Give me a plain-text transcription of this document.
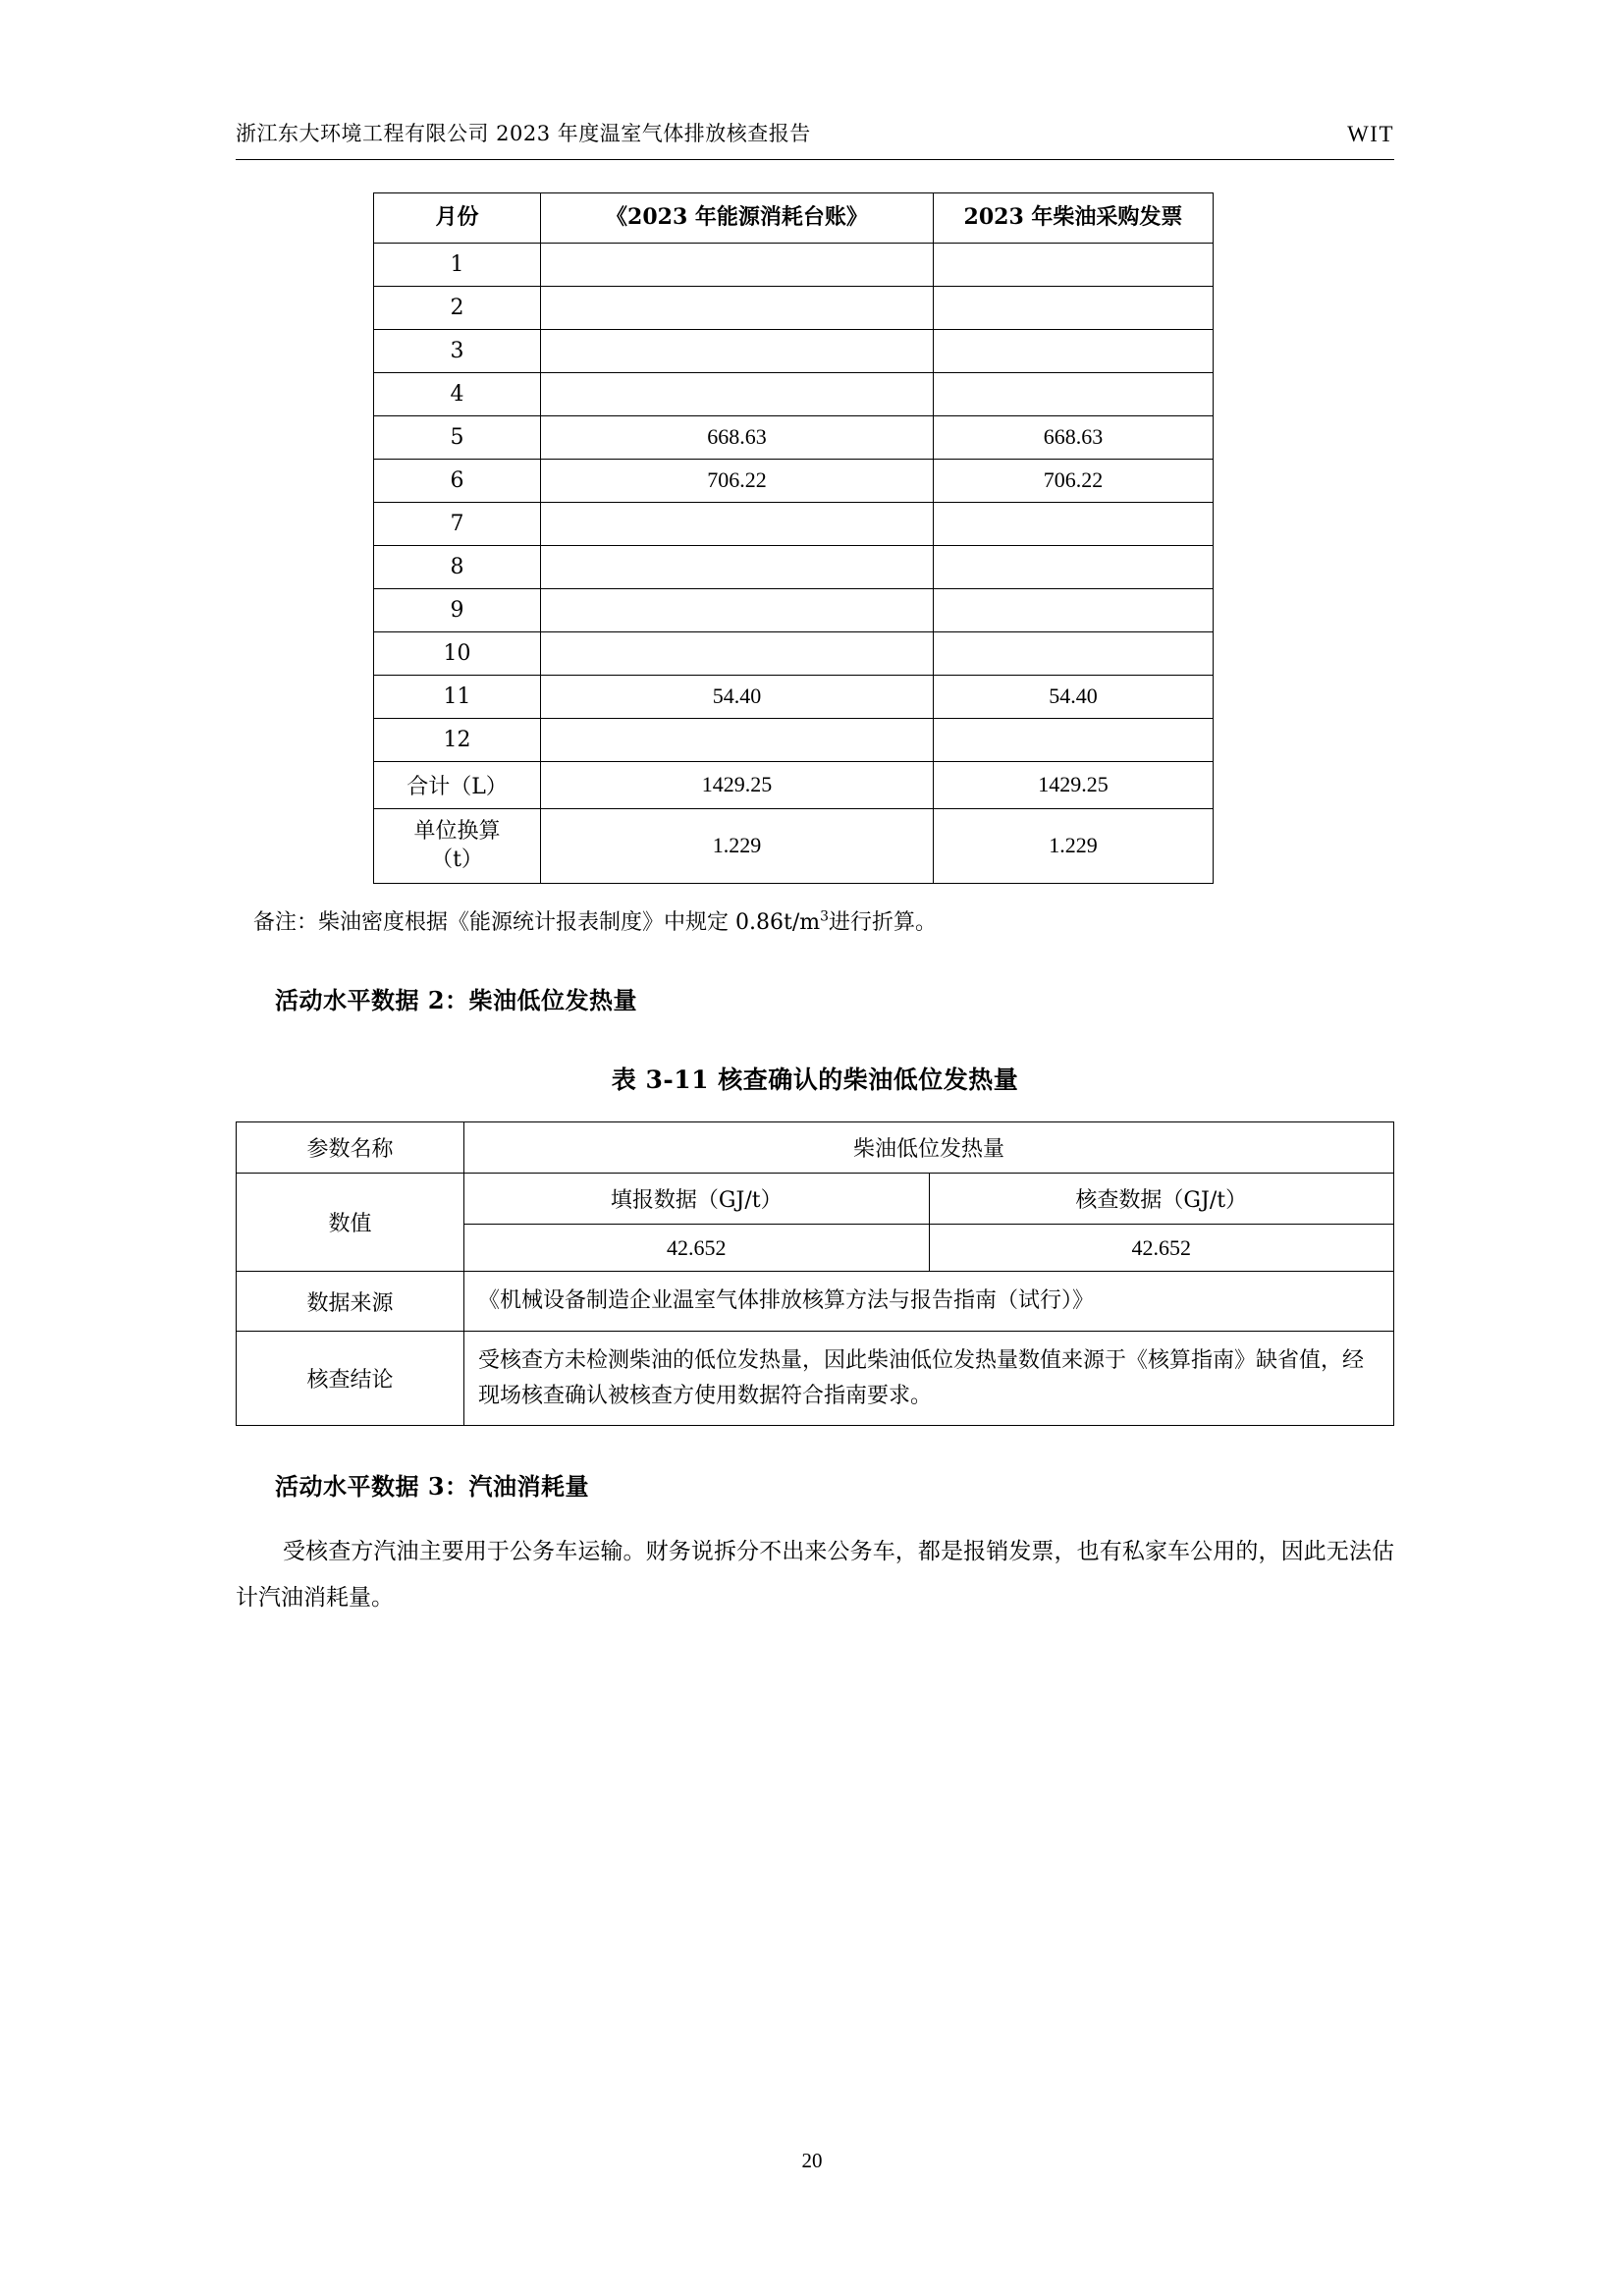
浙江东大环境工程有限公司 2023 年度温室气体排放核查报告	WIT
月份	《2023 年能源消耗台账》	2023 年柴油采购发票
1		
2		
3		
4		
5	668.63	668.63
6	706.22	706.22
7		
8		
9		
10		
11	54.40	54.40
12		
合计（L）	1429.25	1429.25
单位换算
（t）	1.229	1.229
备注：柴油密度根据《能源统计报表制度》中规定 $0.86t/m^3$进行折算。
活动水平数据 2：柴油低位发热量
表 3-11 核查确认的柴油低位发热量
参数名称	柴油低位发热量	
数值	填报数据（GJ/t）	核查数据（GJ/t）
	42.652	42.652
数据来源	《机械设备制造企业温室气体排放核算方法与报告指南（试行）》	
核查结论	受核查方未检测柴油的低位发热量，因此柴油低位发热量数值来源于《核算指南》缺省值，经现场核查确认被核查方使用数据符合指南要求。	
活动水平数据 3：汽油消耗量

受核查方汽油主要用于公务车运输。财务说拆分不出来公务车，都是报销发票，也有私家车公用的，因此无法估计汽油消耗量。

20
